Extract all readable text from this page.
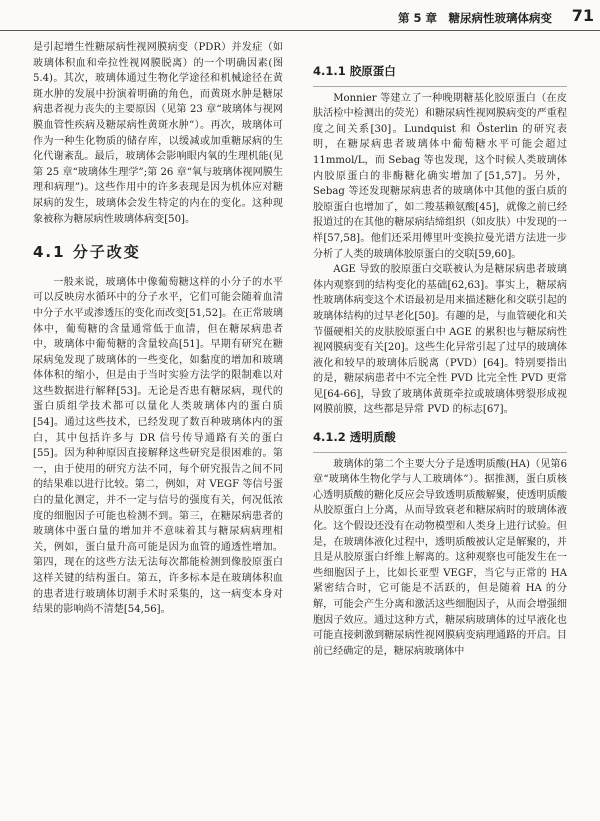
第 5 章　糖尿病性玻璃体病变 71

是引起增生性糖尿病性视网膜病变（PDR）并发症（如玻璃体积血和牵拉性视网膜脱离）的一个明确因素(图 5.4)。其次，玻璃体通过生物化学途径和机械途径在黄斑水肿的发展中扮演着明确的角色，而黄斑水肿是糖尿病患者视力丧失的主要原因（见第 23 章“玻璃体与视网膜血管性疾病及糖尿病性黄斑水肿”）。再次，玻璃体可作为一种生化物质的储存库，以缓减或加重糖尿病的生化代谢紊乱。最后，玻璃体会影响眼内氧的生理机能(见第 25 章“玻璃体生理学”;第 26 章“氧与玻璃体视网膜生理和病理”)。这些作用中的许多表现是因为机体应对糖尿病的发生，玻璃体会发生特定的内在的变化。这种现象被称为糖尿病性玻璃体病变[50]。

4.1 分子改变

一般来说，玻璃体中像葡萄糖这样的小分子的水平可以反映房水循环中的分子水平，它们可能会随着血清中分子水平或渗透压的变化而改变[51,52]。在正常玻璃体中，葡萄糖的含量通常低于血清，但在糖尿病患者中，玻璃体中葡萄糖的含量较高[51]。早期有研究在糖尿病兔发现了玻璃体的一些变化，如黏度的增加和玻璃体体积的缩小，但是由于当时实验方法学的限制难以对这些数据进行解释[53]。无论是否患有糖尿病，现代的蛋白质组学技术都可以量化人类玻璃体内的蛋白质[54]。通过这些技术，已经发现了数百种玻璃体内的蛋白，其中包括许多与 DR 信号传导通路有关的蛋白[55]。因为种种原因直接解释这些研究是很困难的。第一，由于使用的研究方法不同，每个研究报告之间不同的结果难以进行比较。第二，例如，对 VEGF 等信号蛋白的量化测定，并不一定与信号的强度有关，何况低浓度的细胞因子可能也检测不到。第三，在糖尿病患者的玻璃体中蛋白量的增加并不意味着其与糖尿病病理相关，例如，蛋白量升高可能是因为血管的通透性增加。第四，现在的这些方法无法每次都能检测到像胶原蛋白这样关键的结构蛋白。第五，许多标本是在玻璃体积血的患者进行玻璃体切割手术时采集的，这一病变本身对结果的影响尚不清楚[54,56]。

4.1.1 胶原蛋白

Monnier 等建立了一种晚期糖基化胶原蛋白（在皮肤活检中检测出的荧光）和糖尿病性视网膜病变的严重程度之间关系[30]。Lundquist 和 Österlin 的研究表明，在糖尿病患者玻璃体中葡萄糖水平可能会超过 11mmol/L，而 Sebag 等也发现，这个时候人类玻璃体内胶原蛋白的非酶糖化确实增加了[51,57]。另外，Sebag 等还发现糖尿病患者的玻璃体中其他的蛋白质的胶原蛋白也增加了，如二羧基赖氨酸[45]，就像之前已经报道过的在其他的糖尿病结缔组织（如皮肤）中发现的一样[57,58]。他们还采用傅里叶变换拉曼光谱方法进一步分析了人类的玻璃体胶原蛋白的交联[59,60]。

AGE 导致的胶原蛋白交联被认为是糖尿病患者玻璃体内观察到的结构变化的基础[62,63]。事实上，糖尿病性玻璃体病变这个术语最初是用来描述糖化和交联引起的玻璃体结构的过早老化[50]。有趣的是，与血管硬化和关节僵硬相关的皮肤胶原蛋白中 AGE 的累积也与糖尿病性视网膜病变有关[20]。这些生化异常引起了过早的玻璃体液化和较早的玻璃体后脱离（PVD）[64]。特别要指出的是，糖尿病患者中不完全性 PVD 比完全性 PVD 更常见[64-66]，导致了玻璃体黄斑牵拉或玻璃体劈裂形成视网膜前膜，这些都是异常 PVD 的标志[67]。

4.1.2 透明质酸

玻璃体的第二个主要大分子是透明质酸(HA)（见第6 章“玻璃体生物化学与人工玻璃体”）。据推测，蛋白质核心透明质酸的糖化反应会导致透明质酸解聚，使透明质酸从胶原蛋白上分离，从而导致衰老和糖尿病时的玻璃体液化。这个假设还没有在动物模型和人类身上进行试验。但是，在玻璃体液化过程中，透明质酸被认定是解聚的，并且是从胶原蛋白纤维上解离的。这种观察也可能发生在一些细胞因子上，比如长亚型 VEGF，当它与正常的 HA 紧密结合时，它可能是不活跃的，但是随着 HA 的分解，可能会产生分离和激活这些细胞因子，从而会增强细胞因子效应。通过这种方式，糖尿病玻璃体的过早液化也可能直接刺激到糖尿病性视网膜病变病理通路的开启。目前已经确定的是，糖尿病玻璃体中
